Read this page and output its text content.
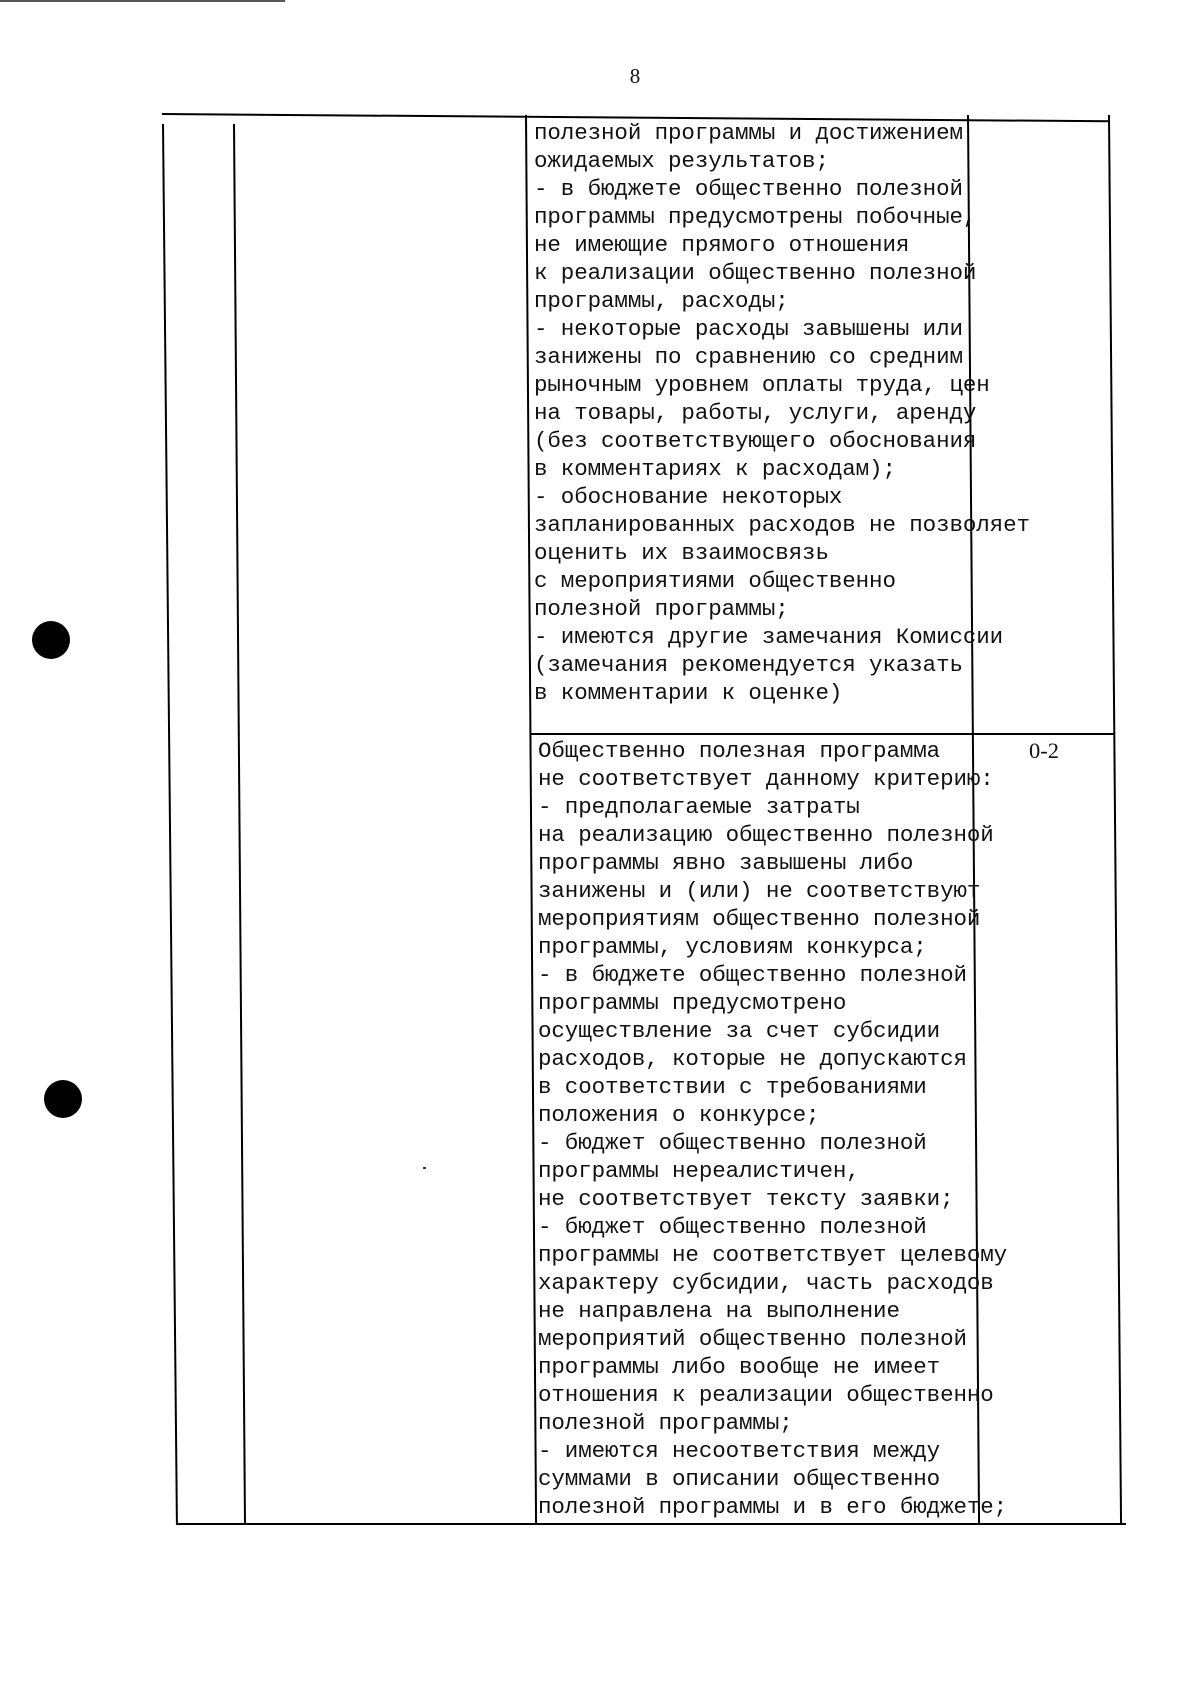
8
полезной программы и достижением
ожидаемых результатов;
- в бюджете общественно полезной
программы предусмотрены побочные,
не имеющие прямого отношения
к реализации общественно полезной
программы, расходы;
- некоторые расходы завышены или
занижены по сравнению со средним
рыночным уровнем оплаты труда, цен
на товары, работы, услуги, аренду
(без соответствующего обоснования
в комментариях к расходам);
- обоснование некоторых
запланированных расходов не позволяет
оценить их взаимосвязь
с мероприятиями общественно
полезной программы;
- имеются другие замечания Комиссии
(замечания рекомендуется указать
в комментарии к оценке)
Общественно полезная программа
не соответствует данному критерию:
- предполагаемые затраты
на реализацию общественно полезной
программы явно завышены либо
занижены и (или) не соответствуют
мероприятиям общественно полезной
программы, условиям конкурса;
- в бюджете общественно полезной
программы предусмотрено
осуществление за счет субсидии
расходов, которые не допускаются
в соответствии с требованиями
положения о конкурсе;
- бюджет общественно полезной
программы нереалистичен,
не соответствует тексту заявки;
- бюджет общественно полезной
программы не соответствует целевому
характеру субсидии, часть расходов
не направлена на выполнение
мероприятий общественно полезной
программы либо вообще не имеет
отношения к реализации общественно
полезной программы;
- имеются несоответствия между
суммами в описании общественно
полезной программы и в его бюджете;
0-2
